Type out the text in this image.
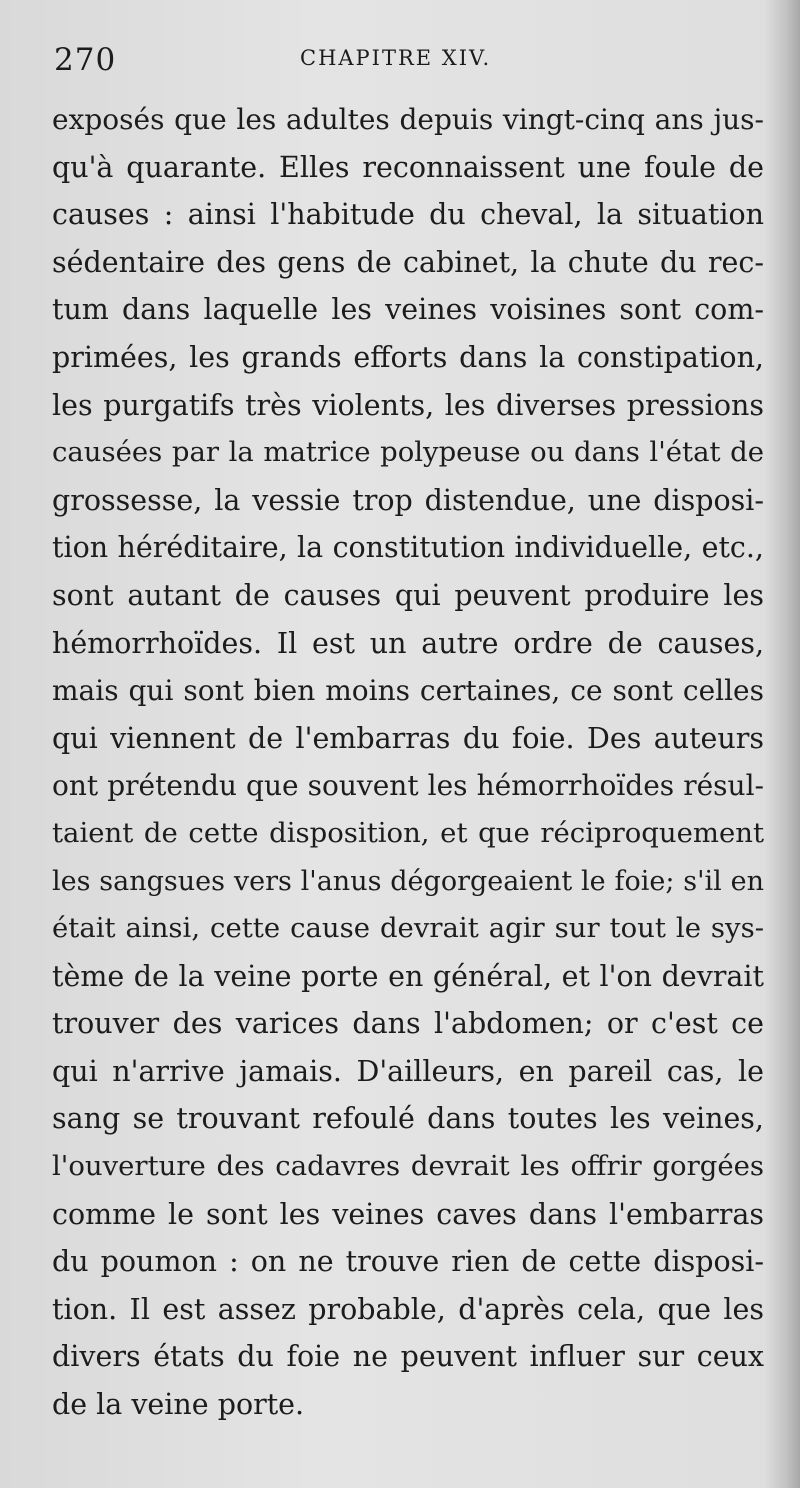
270	CHAPITRE XIV.
exposés que les adultes depuis vingt-cinq ans jus-
qu'à quarante. Elles reconnaissent une foule de
causes : ainsi l'habitude du cheval, la situation
sédentaire des gens de cabinet, la chute du rec-
tum dans laquelle les veines voisines sont com-
primées, les grands efforts dans la constipation,
les purgatifs très violents, les diverses pressions
causées par la matrice polypeuse ou dans l'état de
grossesse, la vessie trop distendue, une disposi-
tion héréditaire, la constitution individuelle, etc.,
sont autant de causes qui peuvent produire les
hémorrhoïdes. Il est un autre ordre de causes,
mais qui sont bien moins certaines, ce sont celles
qui viennent de l'embarras du foie. Des auteurs
ont prétendu que souvent les hémorrhoïdes résul-
taient de cette disposition, et que réciproquement
les sangsues vers l'anus dégorgeaient le foie; s'il en
était ainsi, cette cause devrait agir sur tout le sys-
tème de la veine porte en général, et l'on devrait
trouver des varices dans l'abdomen; or c'est ce
qui n'arrive jamais. D'ailleurs, en pareil cas, le
sang se trouvant refoulé dans toutes les veines,
l'ouverture des cadavres devrait les offrir gorgées
comme le sont les veines caves dans l'embarras
du poumon : on ne trouve rien de cette disposi-
tion. Il est assez probable, d'après cela, que les
divers états du foie ne peuvent influer sur ceux
de la veine porte.
